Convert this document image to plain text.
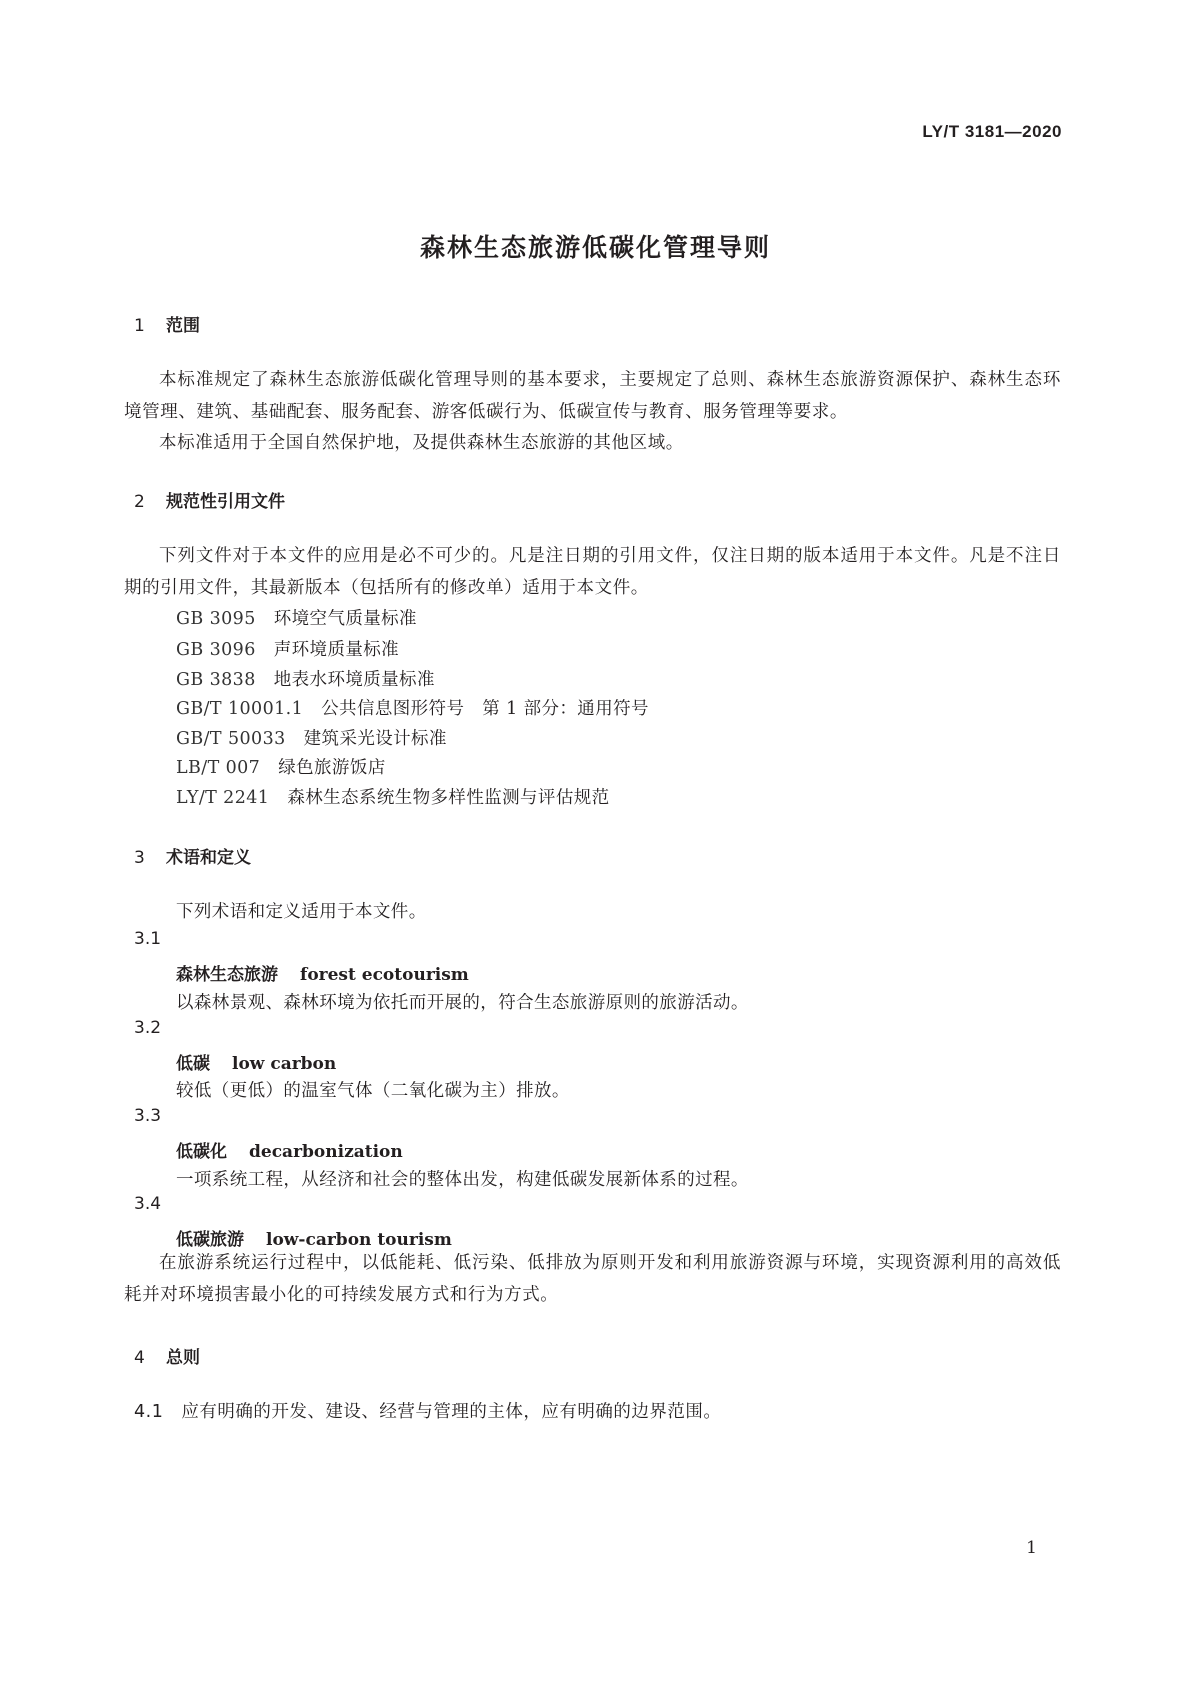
LY/T 3181—2020
森林生态旅游低碳化管理导则
1 范围
本标准规定了森林生态旅游低碳化管理导则的基本要求，主要规定了总则、森林生态旅游资源保护、森林生态环境管理、建筑、基础配套、服务配套、游客低碳行为、低碳宣传与教育、服务管理等要求。
本标准适用于全国自然保护地，及提供森林生态旅游的其他区域。
2 规范性引用文件
下列文件对于本文件的应用是必不可少的。凡是注日期的引用文件，仅注日期的版本适用于本文件。凡是不注日期的引用文件，其最新版本（包括所有的修改单）适用于本文件。
GB 3095 环境空气质量标准
GB 3096 声环境质量标准
GB 3838 地表水环境质量标准
GB/T 10001.1 公共信息图形符号　第 1 部分：通用符号
GB/T 50033 建筑采光设计标准
LB/T 007 绿色旅游饭店
LY/T 2241 森林生态系统生物多样性监测与评估规范
3 术语和定义
下列术语和定义适用于本文件。
3.1
森林生态旅游 forest ecotourism
以森林景观、森林环境为依托而开展的，符合生态旅游原则的旅游活动。
3.2
低碳 low carbon
较低（更低）的温室气体（二氧化碳为主）排放。
3.3
低碳化 decarbonization
一项系统工程，从经济和社会的整体出发，构建低碳发展新体系的过程。
3.4
低碳旅游 low-carbon tourism
在旅游系统运行过程中，以低能耗、低污染、低排放为原则开发和利用旅游资源与环境，实现资源利用的高效低耗并对环境损害最小化的可持续发展方式和行为方式。
4 总则
4.1 应有明确的开发、建设、经营与管理的主体，应有明确的边界范围。
1
